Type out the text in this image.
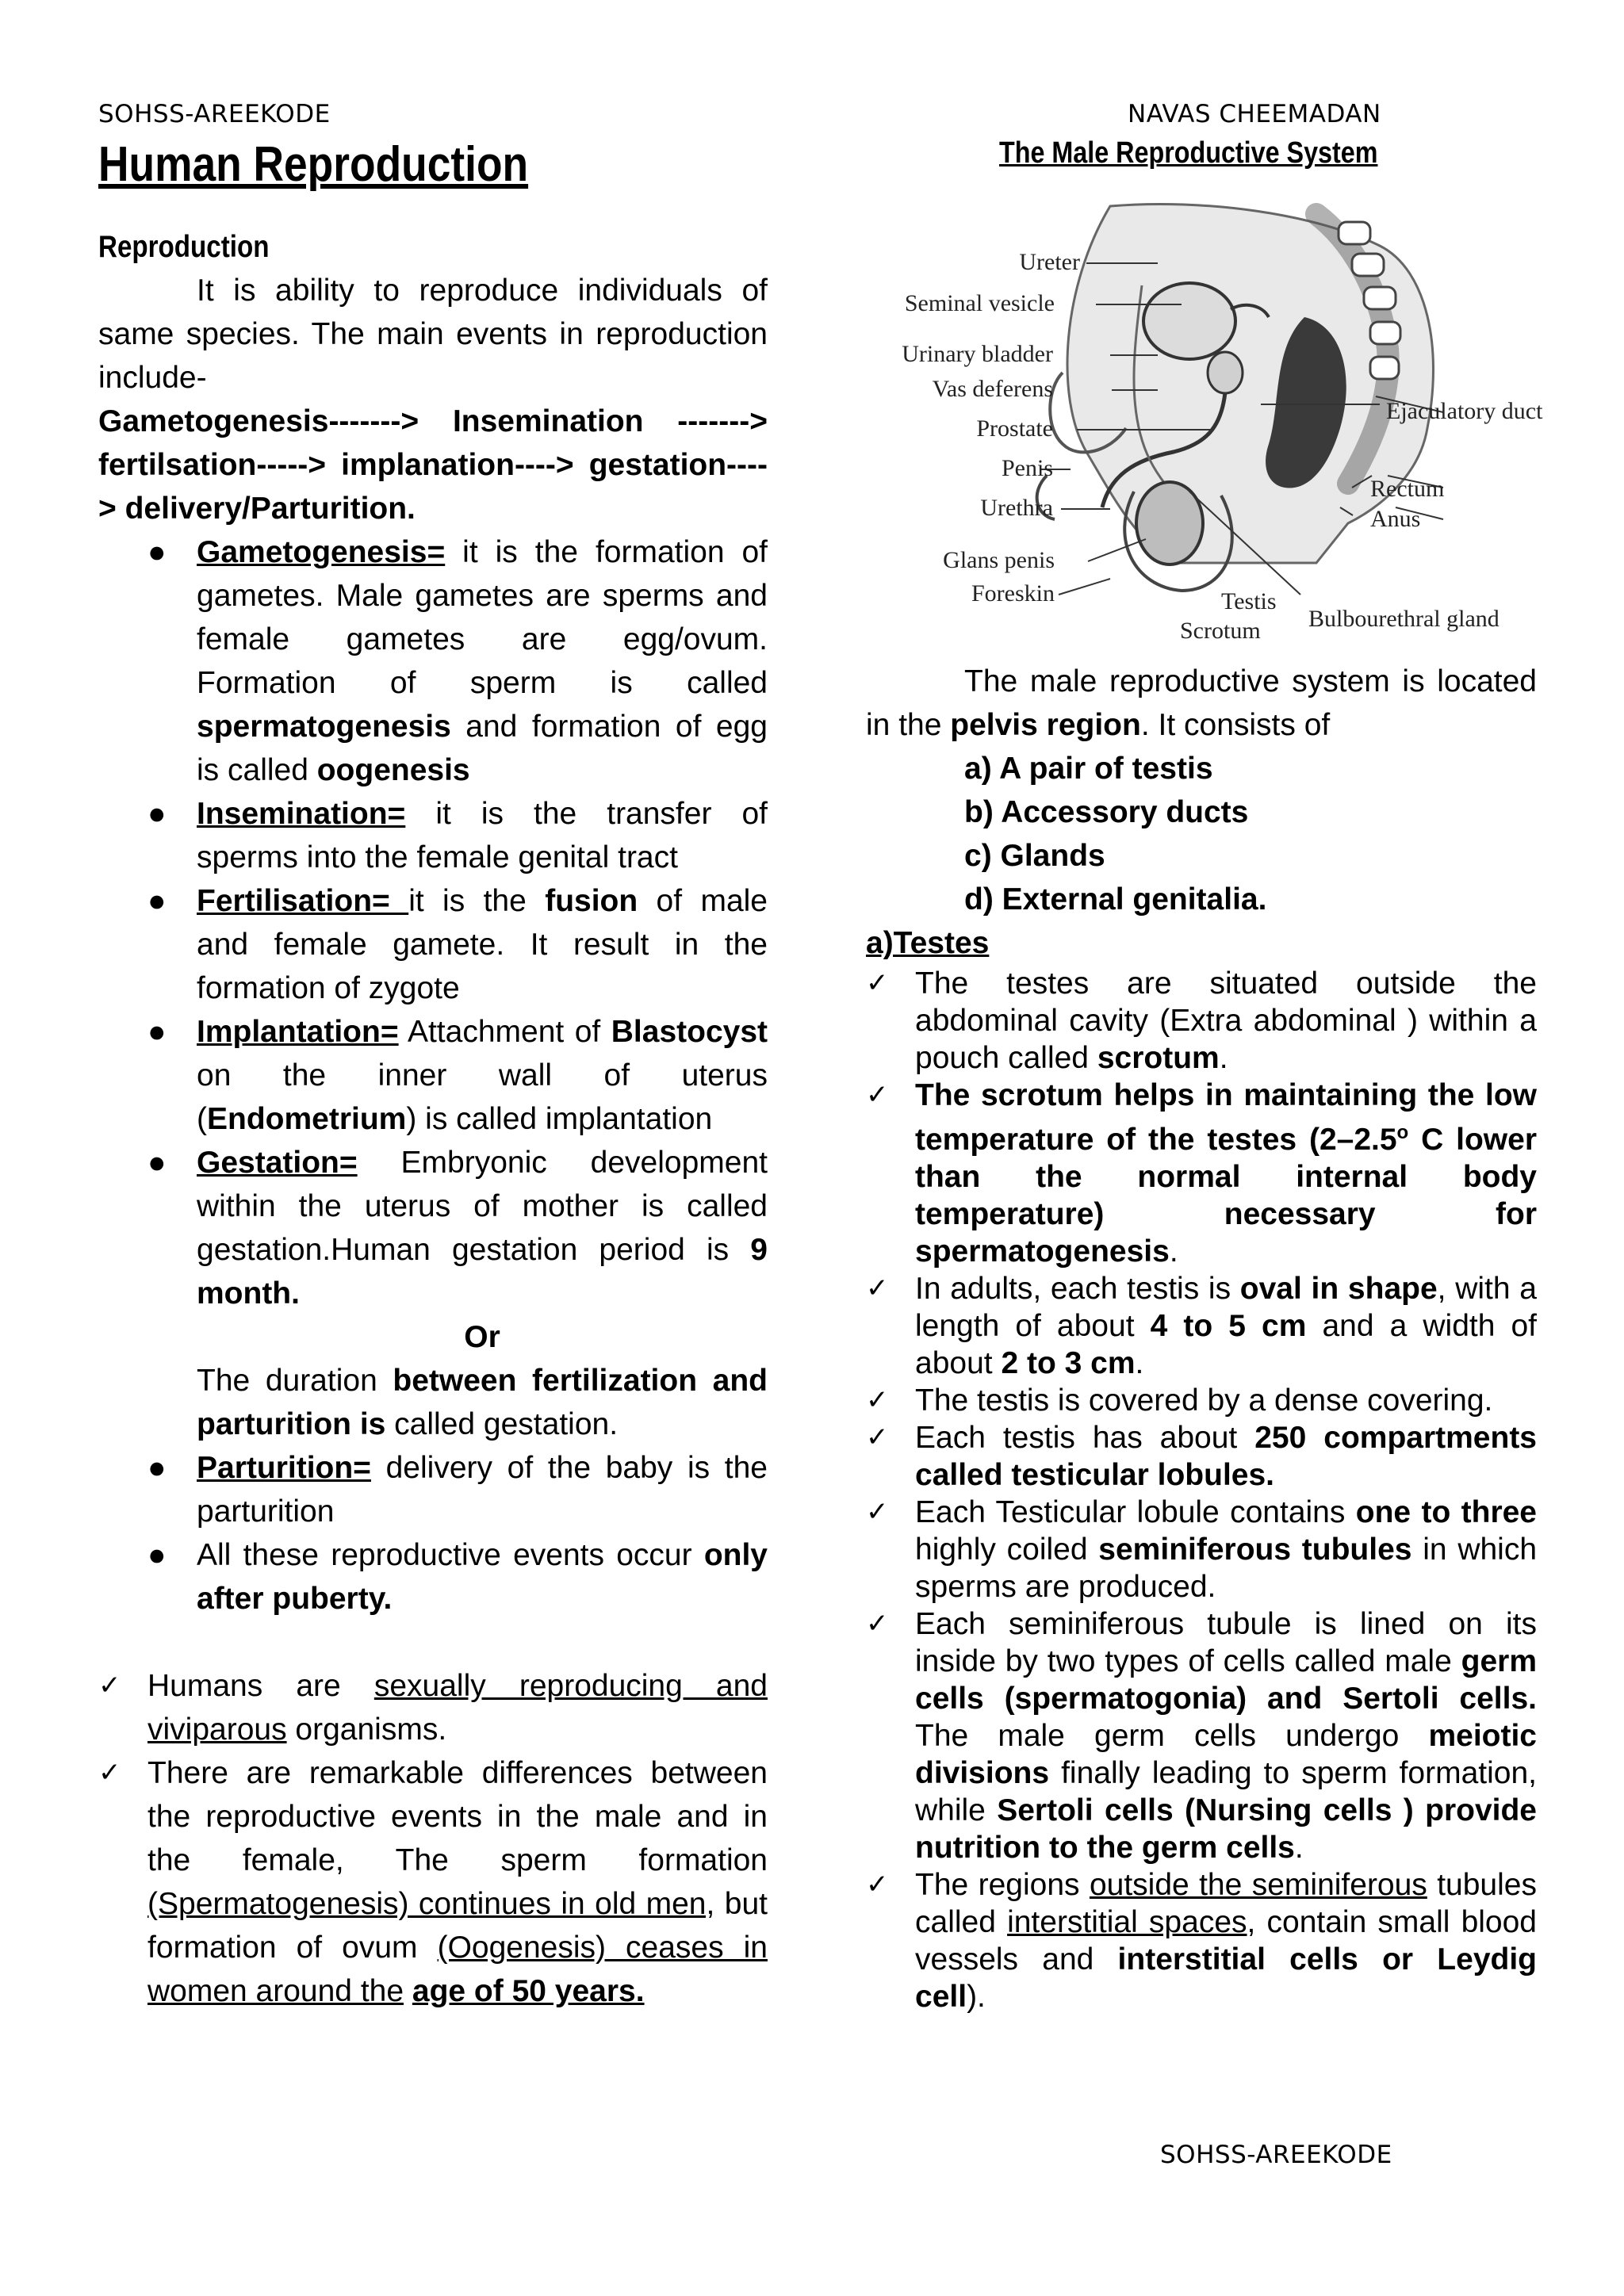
SOHSS-AREEKODE	NAVAS CHEEMADAN
Human Reproduction	The Male Reproductive System
Reproduction

It is ability to reproduce individuals of same species. The main events in reproduction include-

Gametogenesis-------> Insemination -------> fertilsation-----> implanation----> gestation----> delivery/Parturition.

● Gametogenesis= it is the formation of gametes. Male gametes are sperms and female gametes are egg/ovum. Formation of sperm is called spermatogenesis and formation of egg is called oogenesis
● Insemination= it is the transfer of sperms into the female genital tract
● Fertilisation= it is the fusion of male and female gamete. It result in the formation of zygote
● Implantation= Attachment of Blastocyst on the inner wall of uterus (Endometrium) is called implantation
● Gestation= Embryonic development within the uterus of mother is called gestation.Human gestation period is 9 month.
Or
The duration between fertilization and parturition is called gestation.
● Parturition= delivery of the baby is the parturition
● All these reproductive events occur only after puberty.
✓ Humans are sexually reproducing and viviparous organisms.
✓ There are remarkable differences between the reproductive events in the male and in the female, The sperm formation (Spermatogenesis) continues in old men, but formation of ovum (Oogenesis) ceases in women around the age of 50 years.
Ureter
Seminal vesicle
Urinary bladder
Vas deferens
Prostate
Penis
Urethra
Glans penis
Foreskin	Testis
Scrotum
Ejaculatory duct
Rectum
Anus
Bulbourethral gland

The male reproductive system is located in the pelvis region. It consists of

a) A pair of testis
b) Accessory ducts
c) Glands
d) External genitalia.
a)Testes
✓ The testes are situated outside the abdominal cavity (Extra abdominal ) within a pouch called scrotum.
✓ The scrotum helps in maintaining the low temperature of the testes (2–2.5$^o$ C lower than the normal internal body temperature) necessary for spermatogenesis.
✓ In adults, each testis is oval in shape, with a length of about 4 to 5 cm and a width of about 2 to 3 cm.
✓ The testis is covered by a dense covering.
✓ Each testis has about 250 compartments called testicular lobules.
✓ Each Testicular lobule contains one to three highly coiled seminiferous tubules in which sperms are produced.
✓ Each seminiferous tubule is lined on its inside by two types of cells called male germ cells (spermatogonia) and Sertoli cells. The male germ cells undergo meiotic divisions finally leading to sperm formation, while Sertoli cells (Nursing cells ) provide nutrition to the germ cells.
✓ The regions outside the seminiferous tubules called interstitial spaces, contain small blood vessels and interstitial cells or Leydig cell).
SOHSS-AREEKODE
